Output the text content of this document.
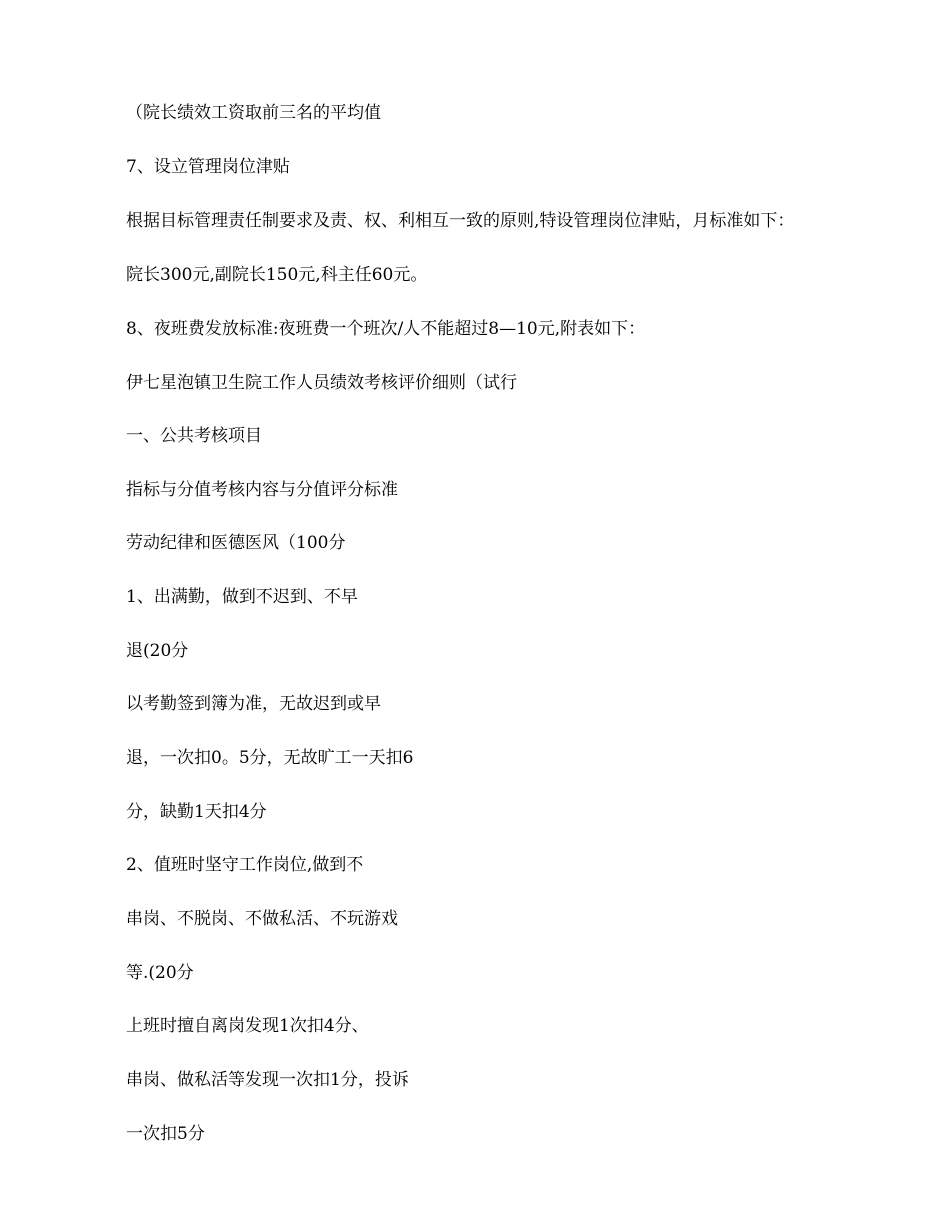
（院长绩效工资取前三名的平均值
7、设立管理岗位津贴
根据目标管理责任制要求及责、权、利相互一致的原则,特设管理岗位津贴，月标准如下：
院长300元,副院长150元,科主任60元。
8、夜班费发放标准:夜班费一个班次/人不能超过8—10元,附表如下：
伊七星泡镇卫生院工作人员绩效考核评价细则（试行
一、公共考核项目
指标与分值考核内容与分值评分标准
劳动纪律和医德医风（100分
1、出满勤，做到不迟到、不早
退(20分
以考勤签到簿为准，无故迟到或早
退，一次扣0。5分，无故旷工一天扣6
分，缺勤1天扣4分
2、值班时坚守工作岗位,做到不
串岗、不脱岗、不做私活、不玩游戏
等.(20分
上班时擅自离岗发现1次扣4分、
串岗、做私活等发现一次扣1分，投诉
一次扣5分
